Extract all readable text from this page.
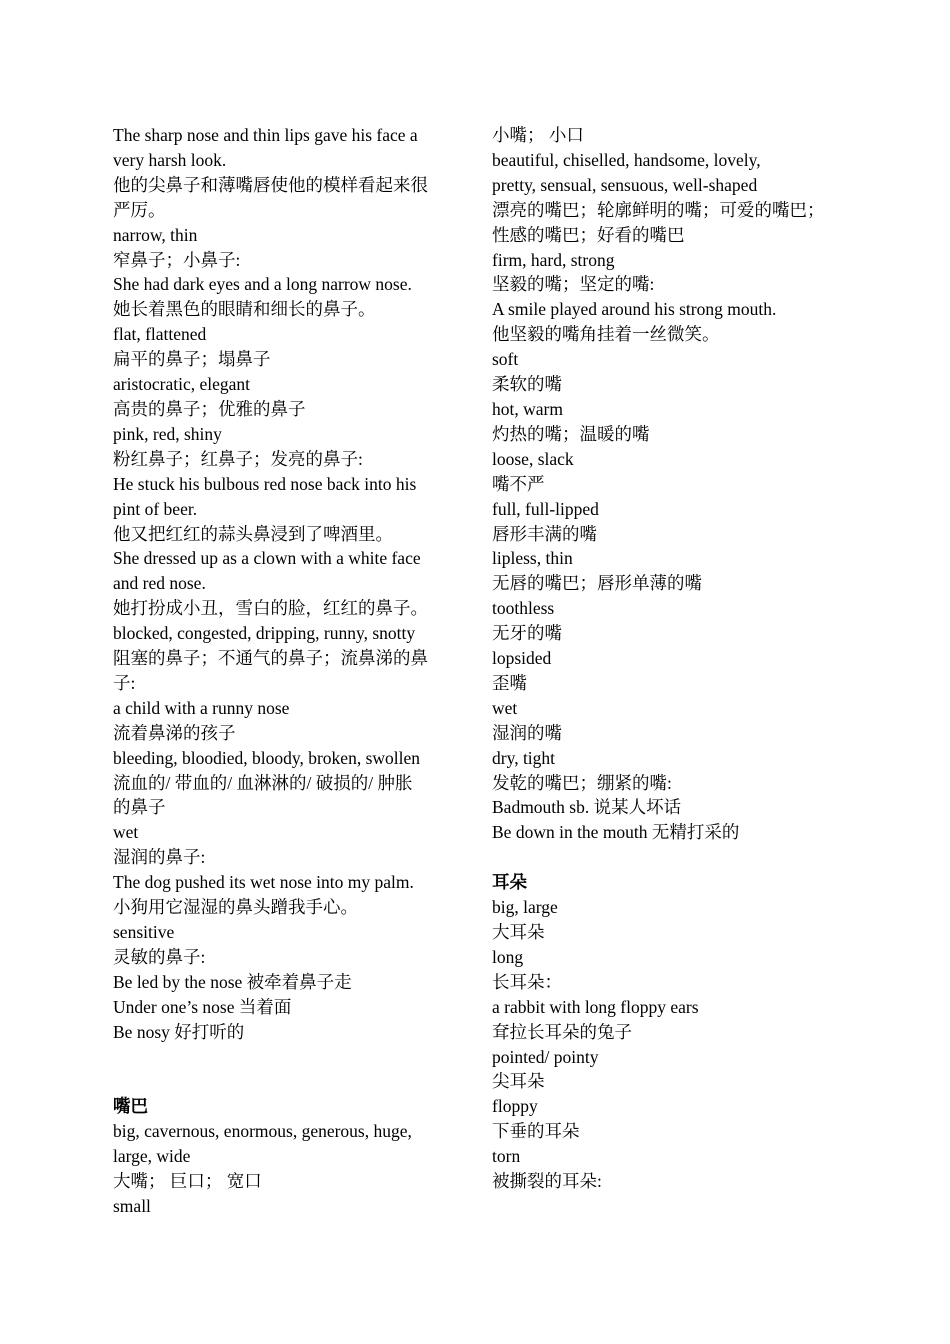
The sharp nose and thin lips gave his face a
very harsh look.
他的尖鼻子和薄嘴唇使他的模样看起来很
严厉。
narrow, thin
窄鼻子；小鼻子:
She had dark eyes and a long narrow nose.
她长着黑色的眼睛和细长的鼻子。
flat, flattened
扁平的鼻子；塌鼻子
aristocratic, elegant
高贵的鼻子；优雅的鼻子
pink, red, shiny
粉红鼻子；红鼻子；发亮的鼻子:
He stuck his bulbous red nose back into his
pint of beer.
他又把红红的蒜头鼻浸到了啤酒里。
She dressed up as a clown with a white face
and red nose.
她打扮成小丑，雪白的脸，红红的鼻子。
blocked, congested, dripping, runny, snotty
阻塞的鼻子；不通气的鼻子；流鼻涕的鼻
子:
a child with a runny nose
流着鼻涕的孩子
bleeding, bloodied, bloody, broken, swollen
流血的/ 带血的/ 血淋淋的/ 破损的/ 肿胀
的鼻子
wet
湿润的鼻子:
The dog pushed its wet nose into my palm.
小狗用它湿湿的鼻头蹭我手心。
sensitive
灵敏的鼻子:
Be led by the nose 被牵着鼻子走
Under one’s nose 当着面
Be nosy 好打听的
嘴巴
big, cavernous, enormous, generous, huge,
large, wide
大嘴； 巨口； 宽口
small
小嘴； 小口
beautiful, chiselled, handsome, lovely,
pretty, sensual, sensuous, well-shaped
漂亮的嘴巴；轮廓鲜明的嘴；可爱的嘴巴；
性感的嘴巴；好看的嘴巴
firm, hard, strong
坚毅的嘴；坚定的嘴:
A smile played around his strong mouth.
他坚毅的嘴角挂着一丝微笑。
soft
柔软的嘴
hot, warm
灼热的嘴；温暖的嘴
loose, slack
嘴不严
full, full-lipped
唇形丰满的嘴
lipless, thin
无唇的嘴巴；唇形单薄的嘴
toothless
无牙的嘴
lopsided
歪嘴
wet
湿润的嘴
dry, tight
发乾的嘴巴；绷紧的嘴:
Badmouth sb. 说某人坏话
Be down in the mouth 无精打采的
耳朵
big, large
大耳朵
long
长耳朵：
a rabbit with long floppy ears
耷拉长耳朵的兔子
pointed/ pointy
尖耳朵
floppy
下垂的耳朵
torn
被撕裂的耳朵:
